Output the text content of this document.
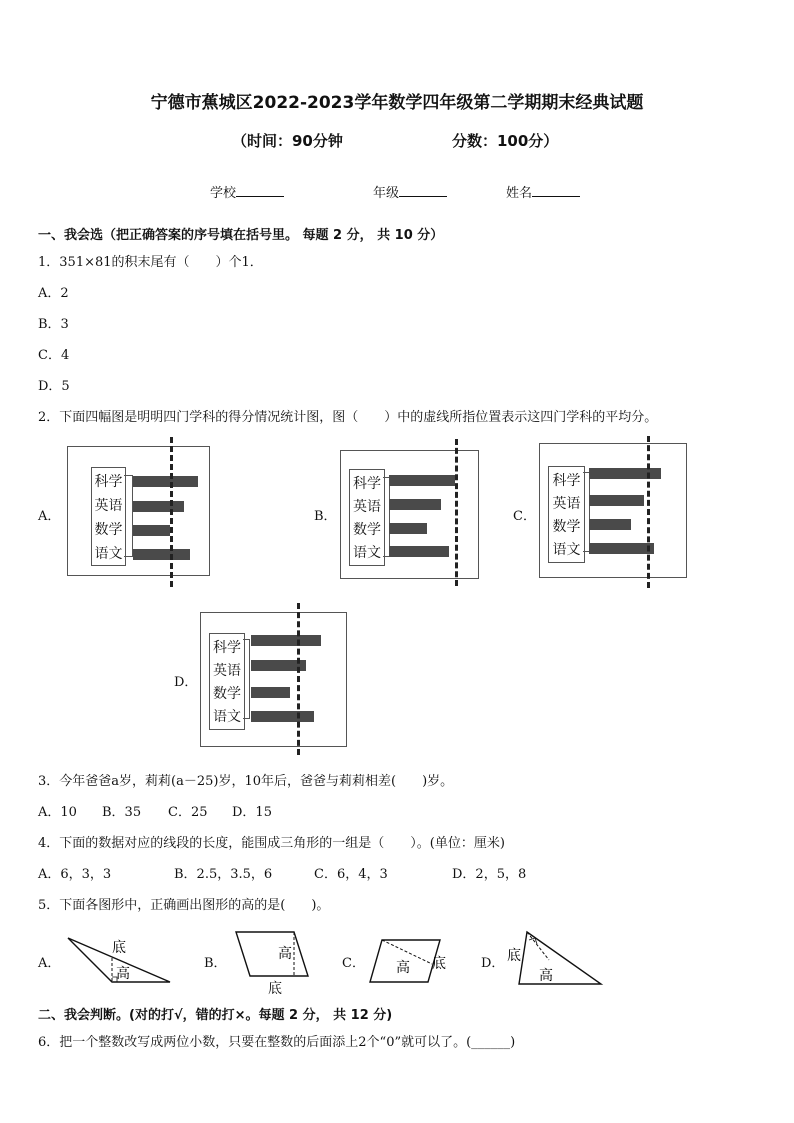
宁德市蕉城区2022-2023学年数学四年级第二学期期末经典试题
（时间：90分钟	分数：100分）
学校	年级	姓名
一、我会选（把正确答案的序号填在括号里。 每题 2 分， 共 10 分）
1．351×81的积末尾有（　　）个1．
A．2
B．3
C．4
D．5
2．下面四幅图是明明四门学科的得分情况统计图，图（　　）中的虚线所指位置表示这四门学科的平均分。
A．
科学
英语
数学
语文
B．
科学
英语
数学
语文
C．
科学
英语
数学
语文
D．
科学
英语
数学
语文
3．今年爸爸a岁，莉莉(a－25)岁，10年后，爸爸与莉莉相差(　　)岁。
A．10 B．35 C．25 D．15
4．下面的数据对应的线段的长度，能围成三角形的一组是（　　）。(单位：厘米)
A．6，3，3	B．2.5，3.5，6	C．6，4，3	D．2，5，8
5．下面各图形中，正确画出图形的高的是(　　)。
A．
底
高
B．
高
底
C． 高 底	D． 底
高
二、我会判断。(对的打√，错的打×。每题 2 分， 共 12 分)
6．把一个整数改写成两位小数，只要在整数的后面添上2个“0”就可以了。(______)
